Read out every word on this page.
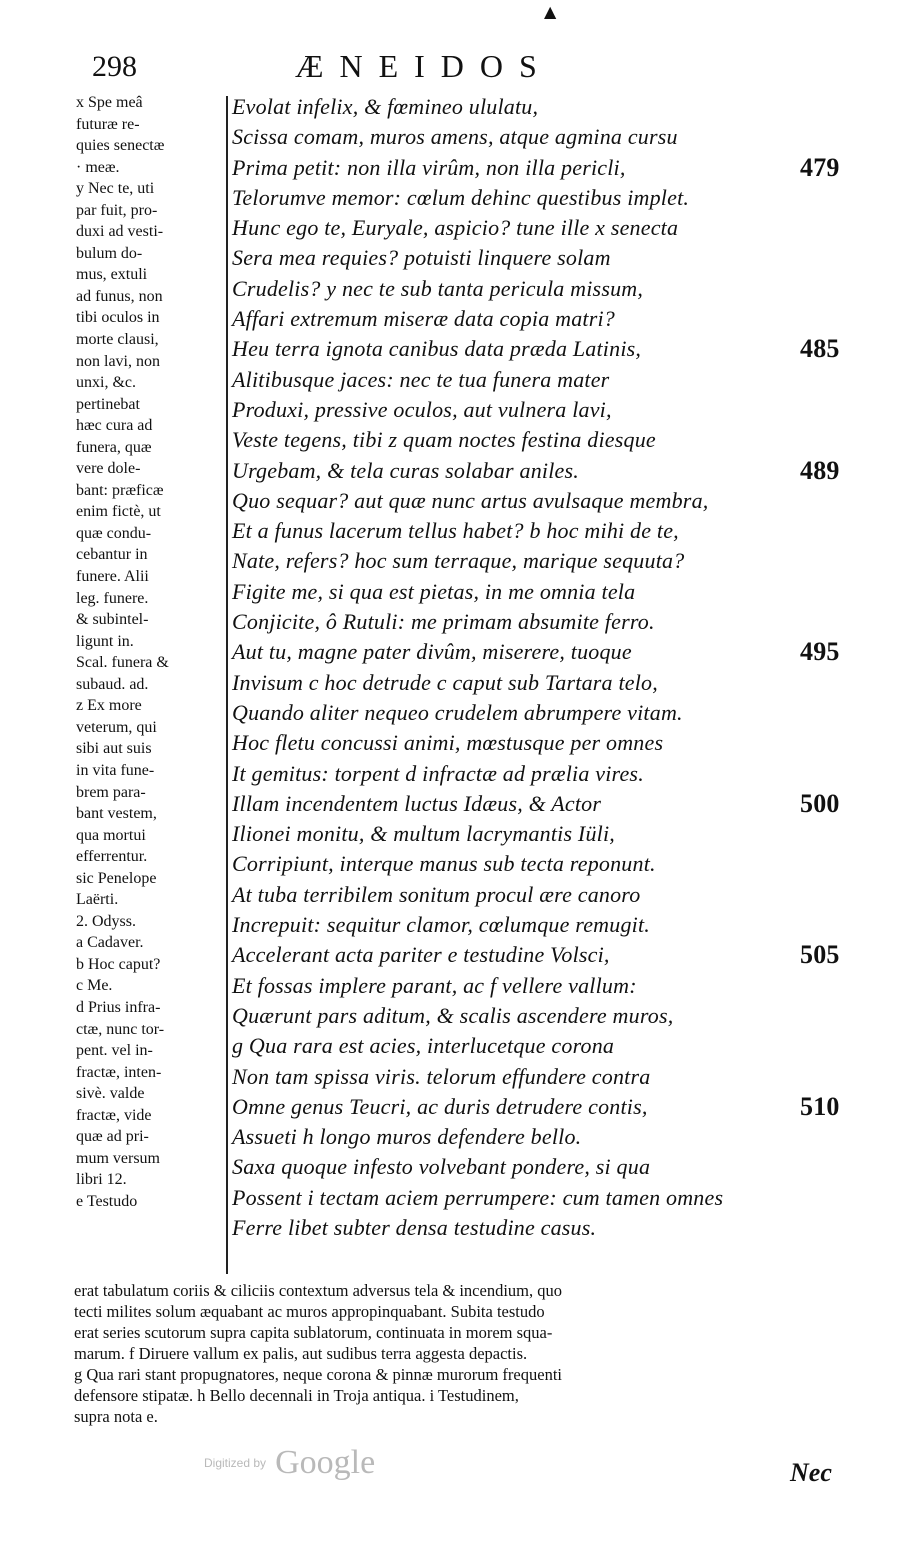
▲
298	ÆNEIDOS
x Spe meâ
futuræ re-
quies senectæ
· meæ.
y Nec te, uti
par fuit, pro-
duxi ad vesti-
bulum do-
mus, extuli
ad funus, non
tibi oculos in
morte clausi,
non lavi, non
unxi, &c.
pertinebat
hæc cura ad
funera, quæ
vere dole-
bant: præficæ
enim fictè, ut
quæ condu-
cebantur in
funere. Alii
leg. funere.
& subintel-
ligunt in.
Scal. funera &
subaud. ad.
z Ex more
veterum, qui
sibi aut suis
in vita fune-
brem para-
bant vestem,
qua mortui
efferrentur.
sic Penelope
Laërti.
2. Odyss.
a Cadaver.
b Hoc caput?
c Me.
d Prius infra-
ctæ, nunc tor-
pent. vel in-
fractæ, inten-
sivè. valde
fractæ, vide
quæ ad pri-
mum versum
libri 12.
e Testudo
Evolat infelix, & fœmineo ululatu,
Scissa comam, muros amens, atque agmina cursu
Prima petit: non illa virûm, non illa pericli,	479
Telorumve memor: cœlum dehinc questibus implet.
Hunc ego te, Euryale, aspicio? tune ille x senecta
Sera mea requies? potuisti linquere solam
Crudelis? y nec te sub tanta pericula missum,
Affari extremum miseræ data copia matri?
Heu terra ignota canibus data præda Latinis,	485
Alitibusque jaces: nec te tua funera mater
Produxi, pressive oculos, aut vulnera lavi,
Veste tegens, tibi z quam noctes festina diesque
Urgebam, & tela curas solabar aniles.	489
Quo sequar? aut quæ nunc artus avulsaque membra,
Et a funus lacerum tellus habet? b hoc mihi de te,
Nate, refers? hoc sum terraque, marique sequuta?
Figite me, si qua est pietas, in me omnia tela
Conjicite, ô Rutuli: me primam absumite ferro.
Aut tu, magne pater divûm, miserere, tuoque	495
Invisum c hoc detrude c caput sub Tartara telo,
Quando aliter nequeo crudelem abrumpere vitam.
Hoc fletu concussi animi, mœstusque per omnes
It gemitus: torpent d infractæ ad prælia vires.
Illam incendentem luctus Idæus, & Actor	500
Ilionei monitu, & multum lacrymantis Iüli,
Corripiunt, interque manus sub tecta reponunt.
At tuba terribilem sonitum procul ære canoro
Increpuit: sequitur clamor, cœlumque remugit.
Accelerant acta pariter e testudine Volsci,	505
Et fossas implere parant, ac f vellere vallum:
Quærunt pars aditum, & scalis ascendere muros,
g Qua rara est acies, interlucetque corona
Non tam spissa viris. telorum effundere contra
Omne genus Teucri, ac duris detrudere contis,	510
Assueti h longo muros defendere bello.
Saxa quoque infesto volvebant pondere, si qua
Possent i tectam aciem perrumpere: cum tamen omnes
Ferre libet subter densa testudine casus.
erat tabulatum coriis & ciliciis contextum adversus tela & incendium, quo
tecti milites solum æquabant ac muros appropinquabant. Subita testudo
erat series scutorum supra capita sublatorum, continuata in morem squa-
marum. f Diruere vallum ex palis, aut sudibus terra aggesta depactis.
g Qua rari stant propugnatores, neque corona & pinnæ murorum frequenti
defensore stipatæ. h Bello decennali in Troja antiqua. i Testudinem,
supra nota e.
Digitized by Google	Nec
